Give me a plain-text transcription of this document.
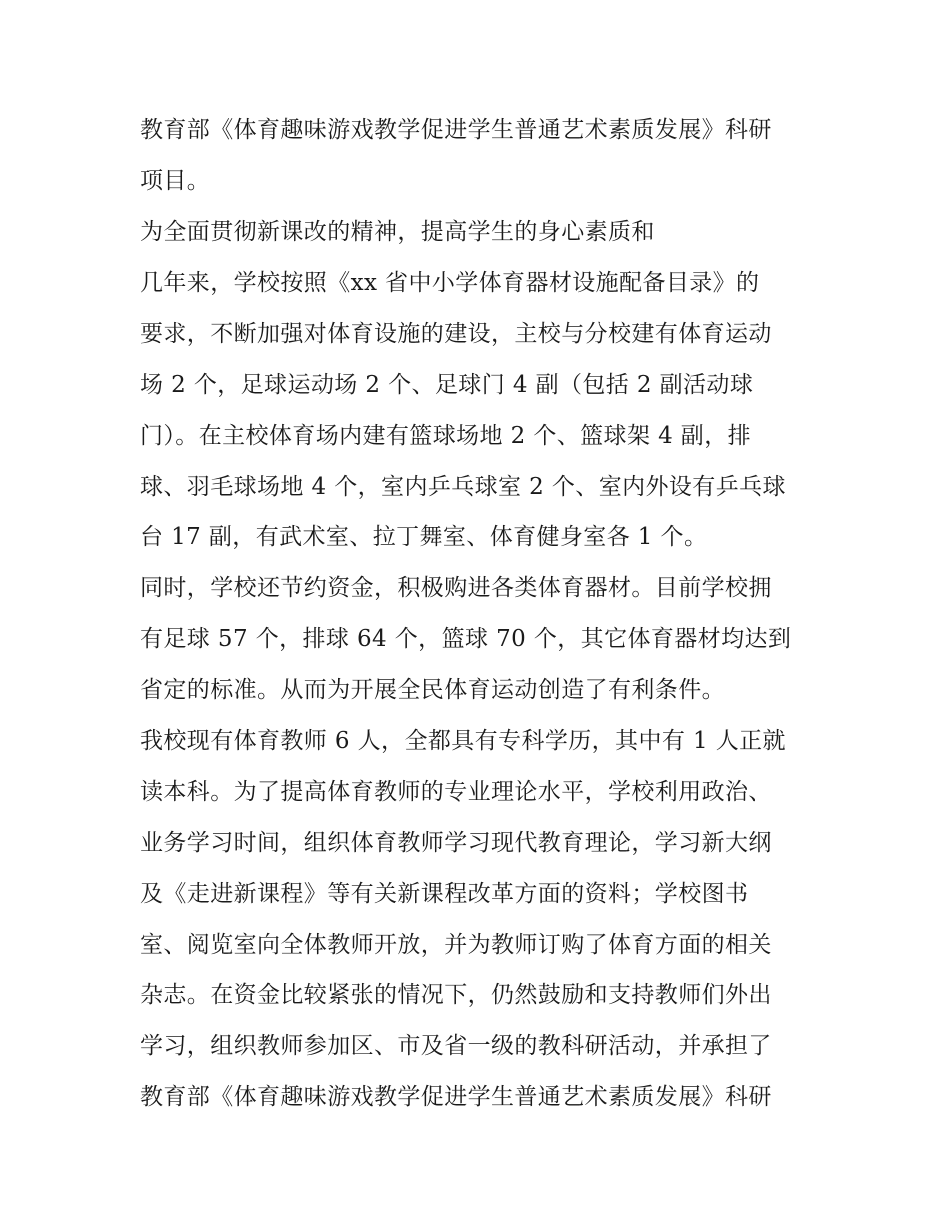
教育部《体育趣味游戏教学促进学生普通艺术素质发展》科研
项目。
为全面贯彻新课改的精神，提高学生的身心素质和
几年来，学校按照《xx 省中小学体育器材设施配备目录》的
要求，不断加强对体育设施的建设，主校与分校建有体育运动
场 2 个，足球运动场 2 个、足球门 4 副（包括 2 副活动球
门）。在主校体育场内建有篮球场地 2 个、篮球架 4 副，排
球、羽毛球场地 4 个，室内乒乓球室 2 个、室内外设有乒乓球
台 17 副，有武术室、拉丁舞室、体育健身室各 1 个。
同时，学校还节约资金，积极购进各类体育器材。目前学校拥
有足球 57 个，排球 64 个，篮球 70 个，其它体育器材均达到
省定的标准。从而为开展全民体育运动创造了有利条件。
我校现有体育教师 6 人，全都具有专科学历，其中有 1 人正就
读本科。为了提高体育教师的专业理论水平，学校利用政治、
业务学习时间，组织体育教师学习现代教育理论，学习新大纲
及《走进新课程》等有关新课程改革方面的资料；学校图书
室、阅览室向全体教师开放，并为教师订购了体育方面的相关
杂志。在资金比较紧张的情况下，仍然鼓励和支持教师们外出
学习，组织教师参加区、市及省一级的教科研活动，并承担了
教育部《体育趣味游戏教学促进学生普通艺术素质发展》科研
